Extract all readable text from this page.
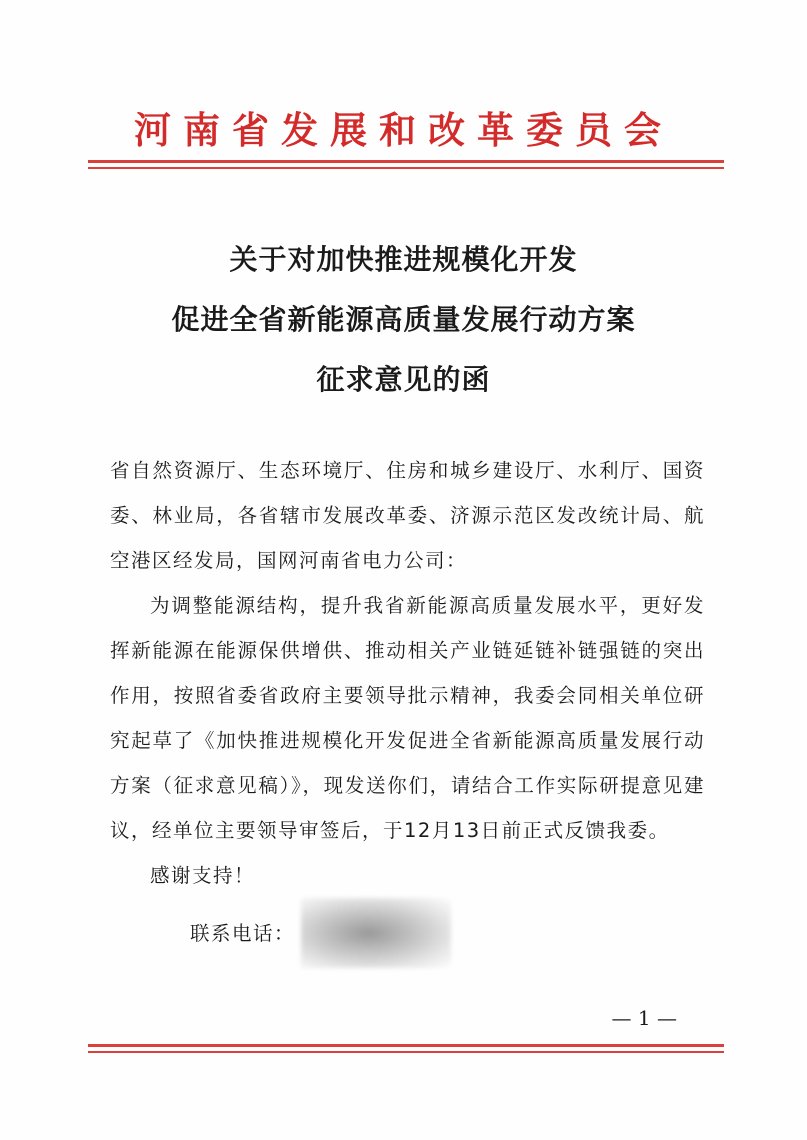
河南省发展和改革委员会
关于对加快推进规模化开发
促进全省新能源高质量发展行动方案
征求意见的函

省自然资源厅、生态环境厅、住房和城乡建设厅、水利厅、国资委、林业局，各省辖市发展改革委、济源示范区发改统计局、航空港区经发局，国网河南省电力公司：

为调整能源结构，提升我省新能源高质量发展水平，更好发挥新能源在能源保供增供、推动相关产业链延链补链强链的突出作用，按照省委省政府主要领导批示精神，我委会同相关单位研究起草了《加快推进规模化开发促进全省新能源高质量发展行动方案（征求意见稿）》，现发送你们，请结合工作实际研提意见建议，经单位主要领导审签后，于12月13日前正式反馈我委。

感谢支持！

联系电话：
— 1 —
